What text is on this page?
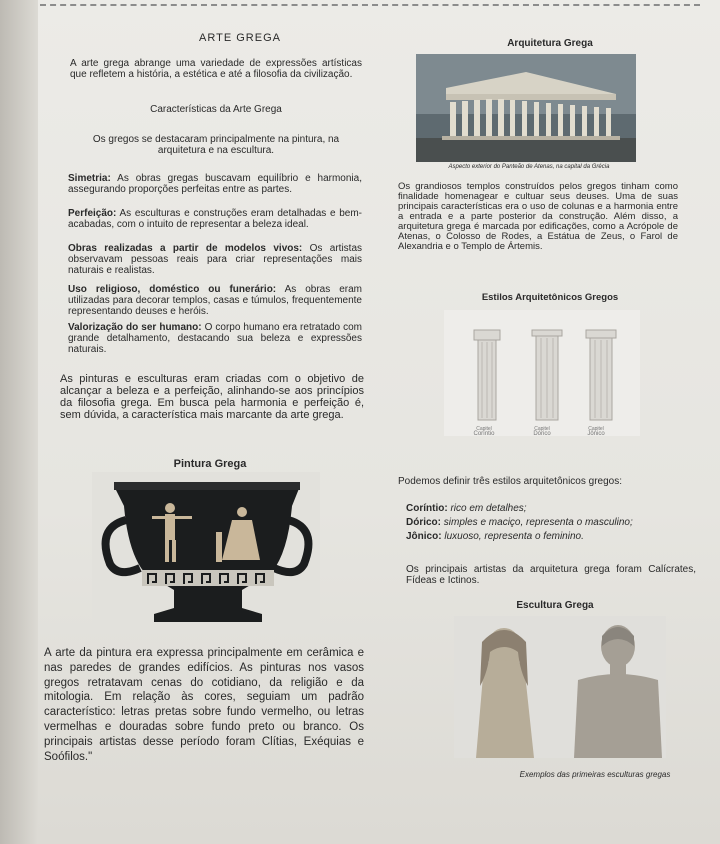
ARTE GREGA
A arte grega abrange uma variedade de expressões artísticas que refletem a história, a estética e até a filosofia da civilização.
Características da Arte Grega
Os gregos se destacaram principalmente na pintura, na arquitetura e na escultura.
Simetria: As obras gregas buscavam equilíbrio e harmonia, assegurando proporções perfeitas entre as partes.
Perfeição: As esculturas e construções eram detalhadas e bem-acabadas, com o intuito de representar a beleza ideal.
Obras realizadas a partir de modelos vivos: Os artistas observavam pessoas reais para criar representações mais naturais e realistas.
Uso religioso, doméstico ou funerário: As obras eram utilizadas para decorar templos, casas e túmulos, frequentemente representando deuses e heróis.
Valorização do ser humano: O corpo humano era retratado com grande detalhamento, destacando sua beleza e expressões naturais.
As pinturas e esculturas eram criadas com o objetivo de alcançar a beleza e a perfeição, alinhando-se aos princípios da filosofia grega. Em busca pela harmonia e perfeição é, sem dúvida, a característica mais marcante da arte grega.
Pintura Grega
A arte da pintura era expressa principalmente em cerâmica e nas paredes de grandes edifícios. As pinturas nos vasos gregos retratavam cenas do cotidiano, da religião e da mitologia. Em relação às cores, seguiam um padrão característico: letras pretas sobre fundo vermelho, ou letras vermelhas e douradas sobre fundo preto ou branco. Os principais artistas desse período foram Clítias, Exéquias e Soófilos."
Arquitetura Grega
Aspecto exterior do Panteão de Atenas, na capital da Grécia
Os grandiosos templos construídos pelos gregos tinham como finalidade homenagear e cultuar seus deuses. Uma de suas principais características era o uso de colunas e a harmonia entre a entrada e a parte posterior da construção. Além disso, a arquitetura grega é marcada por edificações, como a Acrópole de Atenas, o Colosso de Rodes, a Estátua de Zeus, o Farol de Alexandria e o Templo de Ártemis.
Estilos Arquitetônicos Gregos
Capitel	Capitel	Capitel
Coríntio	Dórico	Jônico
Podemos definir três estilos arquitetônicos gregos:
Coríntio: rico em detalhes;
Dórico: simples e maciço, representa o masculino;
Jônico: luxuoso, representa o feminino.
Os principais artistas da arquitetura grega foram Calícrates, Fídeas e Ictinos.
Escultura Grega
Exemplos das primeiras esculturas gregas
